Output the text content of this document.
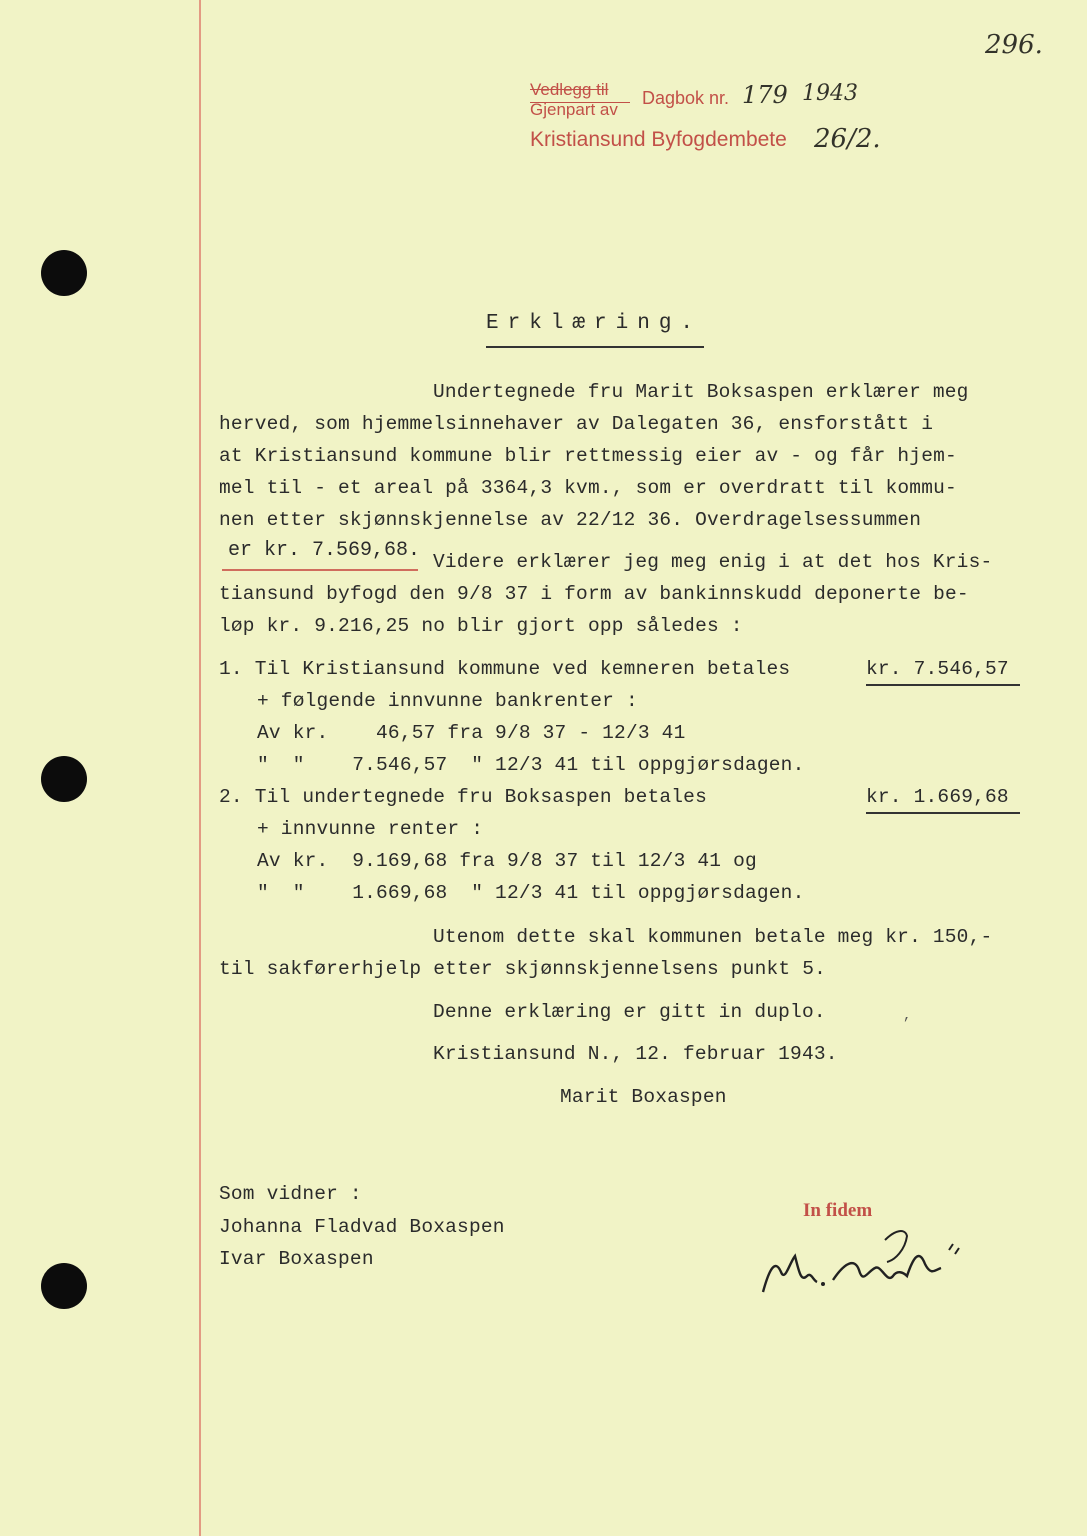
296.
Vedlegg til
Gjenpart av
Dagbok nr. 179 1943
Kristiansund Byfogdembete 26/2.
Erklæring.
Undertegnede fru Marit Boksaspen erklærer meg
herved, som hjemmelsinnehaver av Dalegaten 36, ensforstått i
at Kristiansund kommune blir rettmessig eier av - og får hjem-
mel til - et areal på 3364,3 kvm., som er overdratt til kommu-
nen etter skjønnskjennelse av 22/12 36. Overdragelsessummen
er kr. 7.569,68. Videre erklærer jeg meg enig i at det hos Kris-
tiansund byfogd den 9/8 37 i form av bankinnskudd deponerte be-
løp kr. 9.216,25 no blir gjort opp således :
1. Til Kristiansund kommune ved kemneren betales	kr. 7.546,57
+ følgende innvunne bankrenter :
Av kr.    46,57 fra 9/8 37 - 12/3 41
"  "    7.546,57  " 12/3 41 til oppgjørsdagen.
2. Til undertegnede fru Boksaspen betales	kr. 1.669,68
+ innvunne renter :
Av kr.  9.169,68 fra 9/8 37 til 12/3 41 og
"  "    1.669,68  " 12/3 41 til oppgjørsdagen.
Utenom dette skal kommunen betale meg kr. 150,-
til sakførerhjelp etter skjønnskjennelsens punkt 5.
Denne erklæring er gitt in duplo.	,
Kristiansund N., 12. februar 1943.
Marit Boxaspen
Som vidner :
Johanna Fladvad Boxaspen
Ivar Boxaspen
In fidem
